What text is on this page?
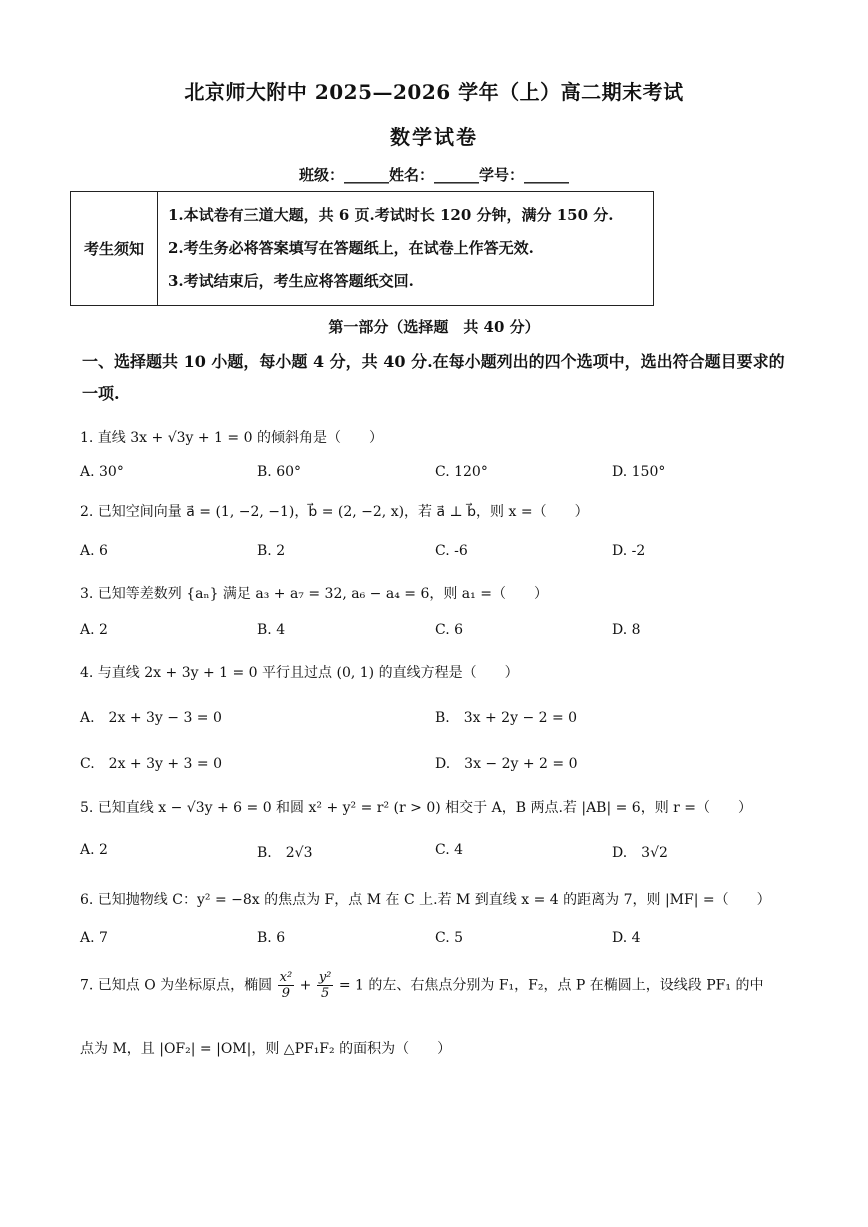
北京师大附中 2025—2026 学年（上）高二期末考试
数学试卷
班级：______姓名：______学号：______
考生须知	
1.本试卷有三道大题，共 6 页.考试时长 120 分钟，满分 150 分.
2.考生务必将答案填写在答题纸上，在试卷上作答无效.
3.考试结束后，考生应将答题纸交回.
第一部分（选择题　共 40 分）
一、选择题共 10 小题，每小题 4 分，共 40 分.在每小题列出的四个选项中，选出符合题目要求的一项.
1. 直线 3x + √3y + 1 = 0 的倾斜角是（　　）
A. 30°	B. 60°	C. 120°	D. 150°
2. 已知空间向量 a⃗ = (1, −2, −1)，b⃗ = (2, −2, x)，若 a⃗ ⊥ b⃗，则 x =（　　）
A. 6	B. 2	C. -6	D. -2
3. 已知等差数列 {aₙ} 满足 a₃ + a₇ = 32, a₆ − a₄ = 6，则 a₁ =（　　）
A. 2	B. 4	C. 6	D. 8
4. 与直线 2x + 3y + 1 = 0 平行且过点 (0, 1) 的直线方程是（　　）
A.　2x + 3y − 3 = 0	B.　3x + 2y − 2 = 0
C.　2x + 3y + 3 = 0	D.　3x − 2y + 2 = 0
5. 已知直线 x − √3y + 6 = 0 和圆 x² + y² = r² (r > 0) 相交于 A，B 两点.若 |AB| = 6，则 r =（　　）
A. 2	B.　2√3	C. 4	D.　3√2
6. 已知抛物线 C：y² = −8x 的焦点为 F，点 M 在 C 上.若 M 到直线 x = 4 的距离为 7，则 |MF| =（　　）
A. 7	B. 6	C. 5	D. 4
7. 已知点 O 为坐标原点，椭圆 $\frac{\text{x²}}{9} + \frac{\text{y²}}{5} = 1$ 的左、右焦点分别为 F₁，F₂，点 P 在椭圆上，设线段 PF₁ 的中
点为 M，且 |OF₂| = |OM|，则 △PF₁F₂ 的面积为（　　）
